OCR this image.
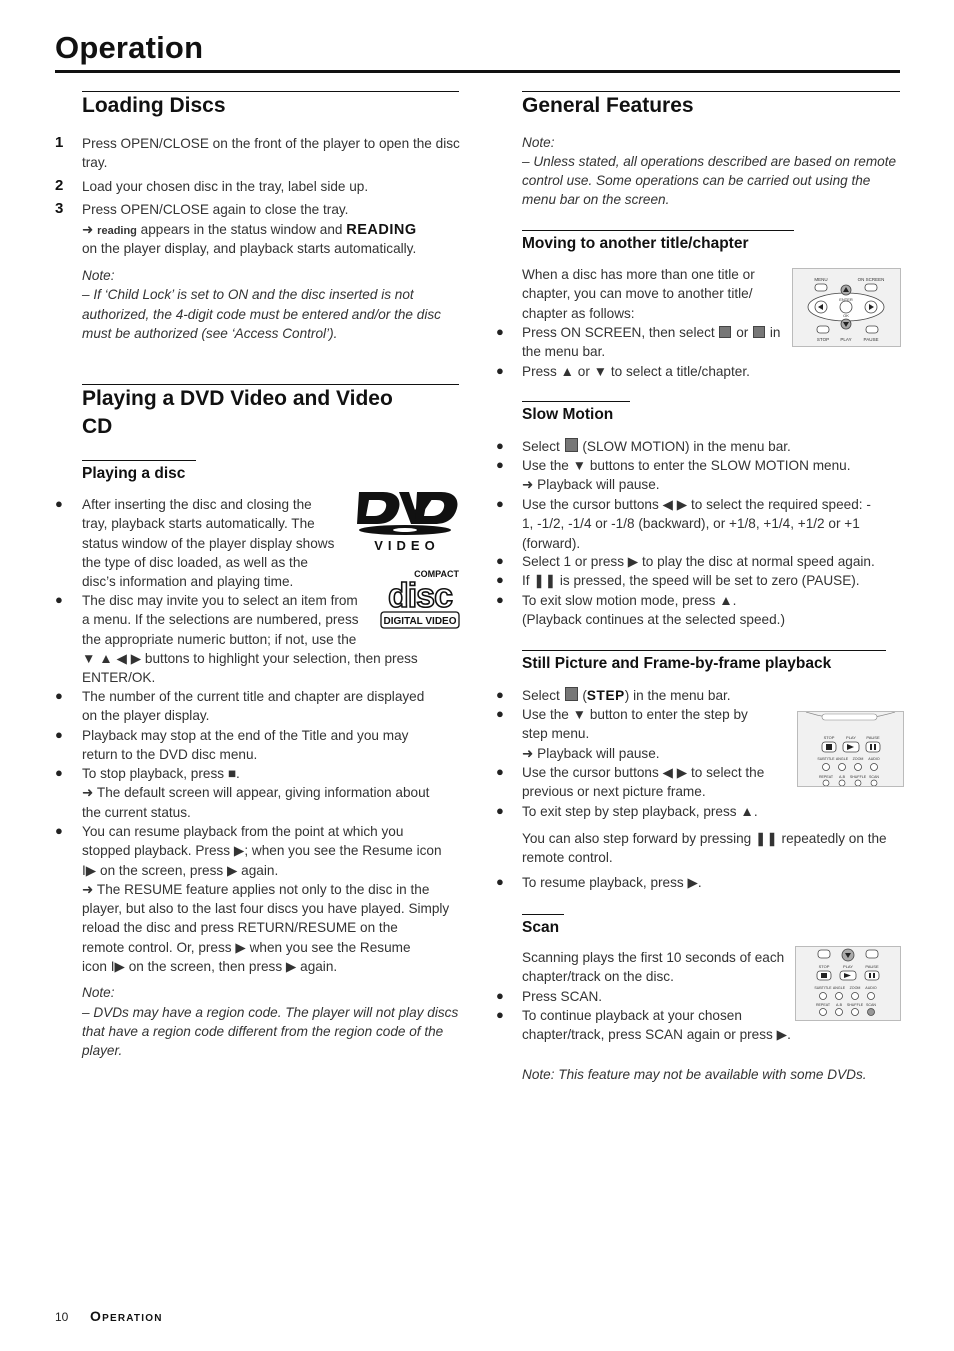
Operation
Loading Discs
1 Press OPEN/CLOSE on the front of the player to open the disc tray.
2 Load your chosen disc in the tray, label side up.
3 Press OPEN/CLOSE again to close the tray.
➜ reading appears in the status window and READING
on the player display, and playback starts automatically.
Note:
– If ‘Child Lock’ is set to ON and the disc inserted is not
authorized, the 4-digit code must be entered and/or the disc
must be authorized (see ‘Access Control’).
Playing a DVD Video and Video
CD
Playing a disc
VIDEO
COMPACT
disc
DIGITAL VIDEO
● After inserting the disc and closing the
tray, playback starts automatically. The
status window of the player display shows
the type of disc loaded, as well as the
disc’s information and playing time.
● The disc may invite you to select an item from
a menu. If the selections are numbered, press
the appropriate numeric button; if not, use the
▼ ▲ ◀ ▶ buttons to highlight your selection, then press
ENTER/OK.
● The number of the current title and chapter are displayed
on the player display.
● Playback may stop at the end of the Title and you may
return to the DVD disc menu.
● To stop playback, press ■.
➜ The default screen will appear, giving information about
the current status.
● You can resume playback from the point at which you
stopped playback. Press ▶; when you see the Resume icon
I▶ on the screen, press ▶ again.
➜ The RESUME feature applies not only to the disc in the
player, but also to the last four discs you have played. Simply
reload the disc and press RETURN/RESUME on the
remote control. Or, press ▶ when you see the Resume
icon I▶ on the screen, then press ▶ again.
Note:
– DVDs may have a region code. The player will not play discs
that have a region code different from the region code of the
player.
General Features
Note:
– Unless stated, all operations described are based on remote
control use. Some operations can be carried out using the
menu bar on the screen.
Moving to another title/chapter
When a disc has more than one title or
chapter, you can move to another title/
chapter as follows:
● Press ON SCREEN, then select or in
the menu bar.
● Press ▲ or ▼ to select a title/chapter.
MENU	ON SCREEN
ENTER
OK
STOP	PLAY	PAUSE
Slow Motion
● Select (SLOW MOTION) in the menu bar.
● Use the ▼ buttons to enter the SLOW MOTION menu.
➜ Playback will pause.
● Use the cursor buttons ◀ ▶ to select the required speed: -
1, -1/2, -1/4 or -1/8 (backward), or +1/8, +1/4, +1/2 or +1
(forward).
● Select 1 or press ▶ to play the disc at normal speed again.
● If ❚❚ is pressed, the speed will be set to zero (PAUSE).
● To exit slow motion mode, press ▲.
(Playback continues at the selected speed.)
Still Picture and Frame-by-frame playback
● Select (STEP) in the menu bar.
● Use the ▼ button to enter the step by
step menu.
➜ Playback will pause.
● Use the cursor buttons ◀ ▶ to select the
previous or next picture frame.
● To exit step by step playback, press ▲.
You can also step forward by pressing ❚❚ repeatedly on the
remote control.
● To resume playback, press ▶.
STOP	PLAY	PAUSE
SUBTITLE ANGLE ZOOM AUDIO
REPEAT A-B SHUFFLE SCAN
Scan
Scanning plays the first 10 seconds of each
chapter/track on the disc.
● Press SCAN.
● To continue playback at your chosen
chapter/track, press SCAN again or press ▶.
Note: This feature may not be available with some DVDs.
STOP	PLAY	PAUSE
SUBTITLE ANGLE ZOOM AUDIO
REPEAT A-B SHUFFLE SCAN
10 Operation
